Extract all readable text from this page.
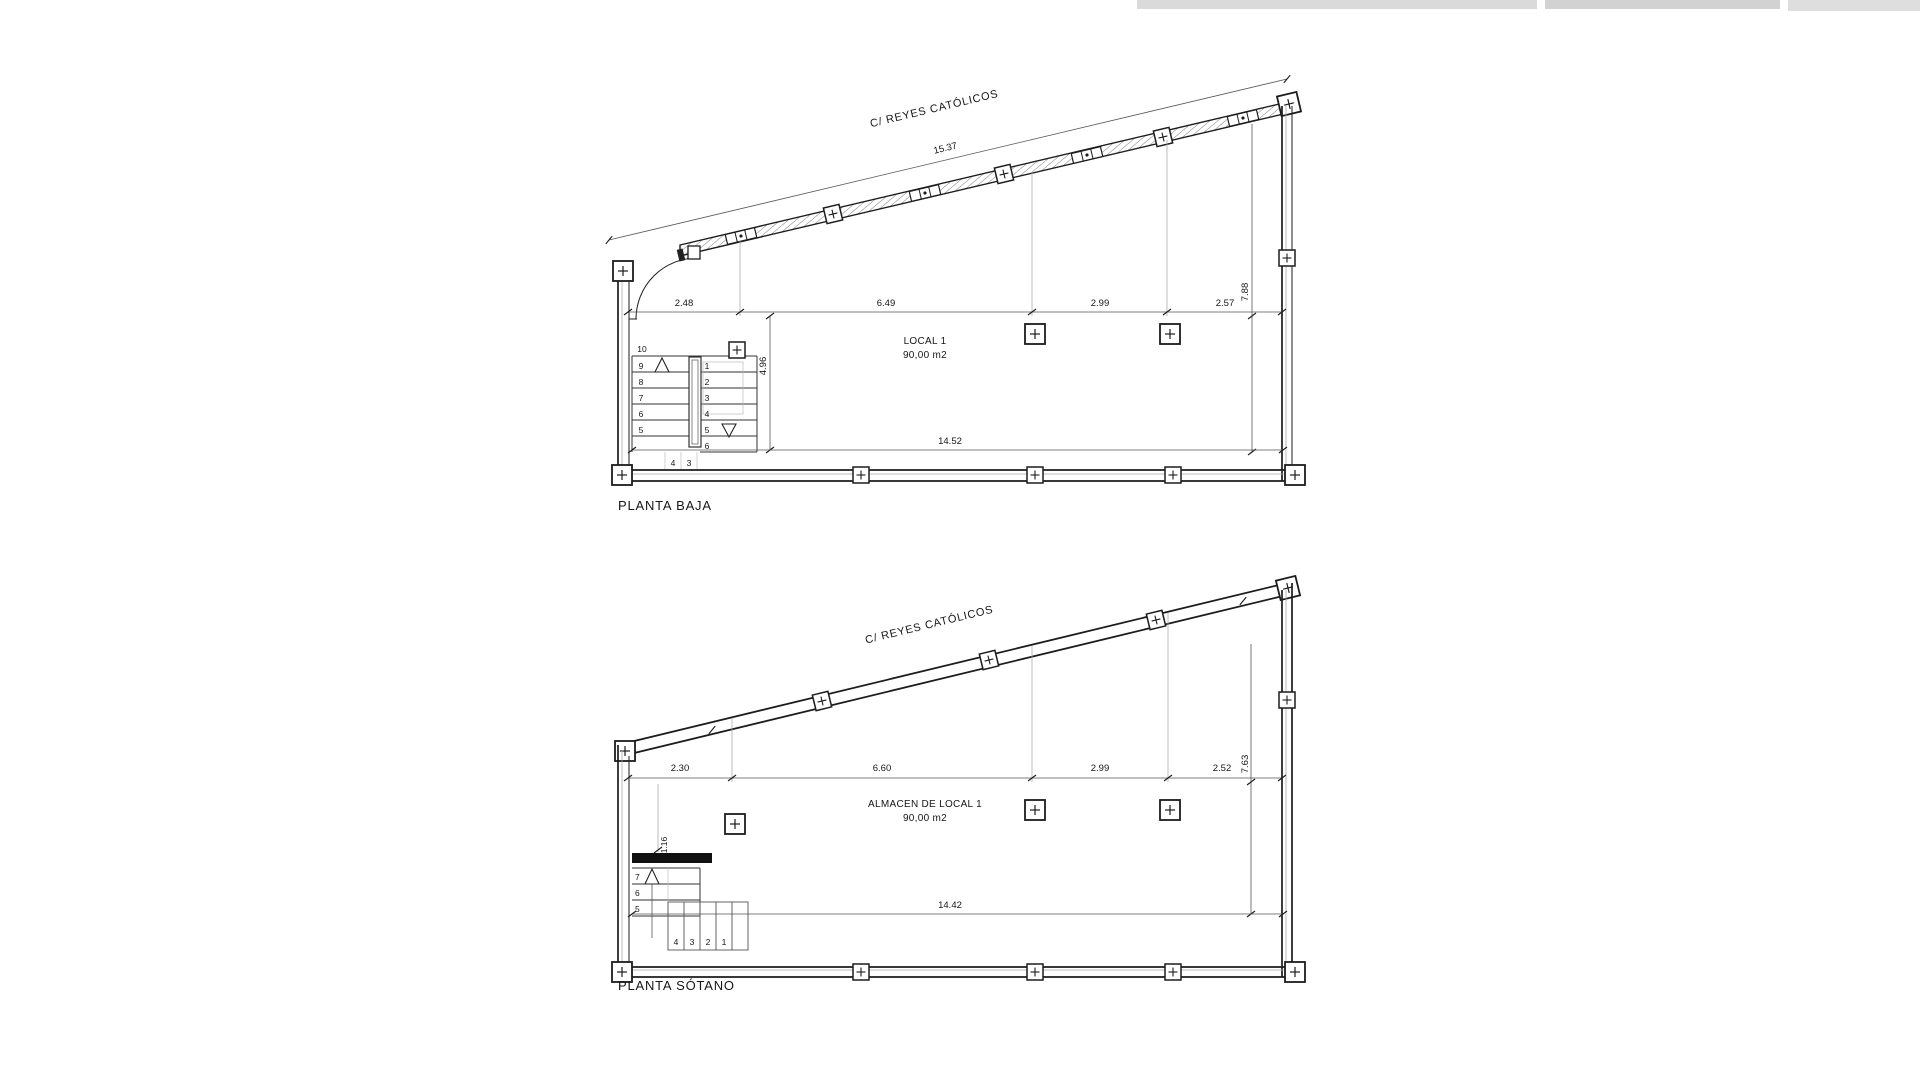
C/ REYES CATÓLICOS
15.37
2.48	6.49	2.99	2.57
7.88
4.96
LOCAL 1
90,00 m2
10
9
8
7
6
5
1
2
3
4
5
6
4 3
14.52
PLANTA BAJA
C/ REYES CATÓLICOS
2.30	6.60	2.99	2.52 7.63
ALMACEN DE LOCAL 1
90,00 m2
1.16
7
6
5
4 3 2 1
14.42
PLANTA SÓTANO
